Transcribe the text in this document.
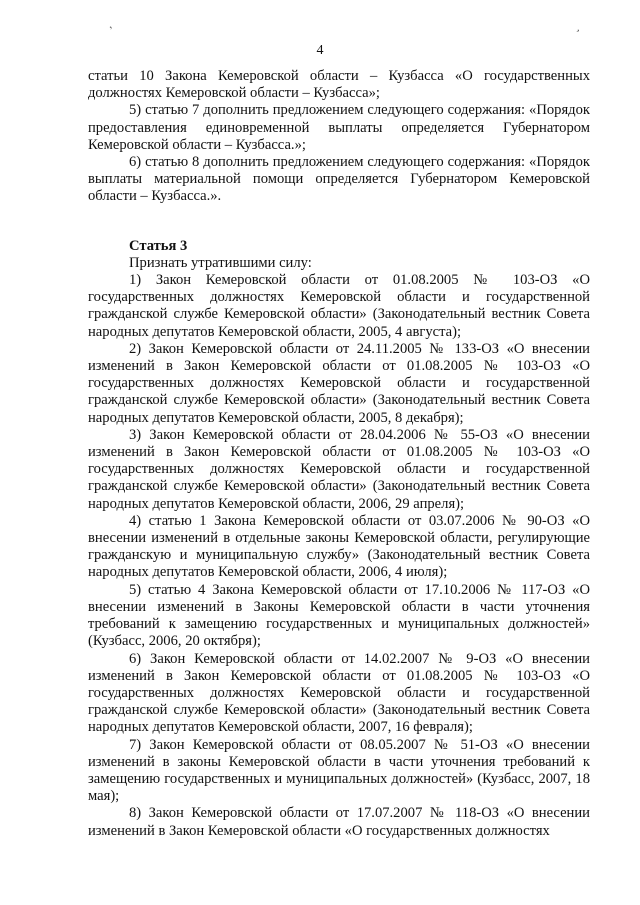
,	,
4

статьи 10 Закона Кемеровской области – Кузбасса «О государственных должностях Кемеровской области – Кузбасса»;

5) статью 7 дополнить предложением следующего содержания: «Порядок предоставления единовременной выплаты определяется Губернатором Кемеровской области – Кузбасса.»;

6) статью 8 дополнить предложением следующего содержания: «Порядок выплаты материальной помощи определяется Губернатором Кемеровской области – Кузбасса.».

Статья 3

Признать утратившими силу:

1) Закон Кемеровской области от 01.08.2005 № 103-ОЗ «О государственных должностях Кемеровской области и государственной гражданской службе Кемеровской области» (Законодательный вестник Совета народных депутатов Кемеровской области, 2005, 4 августа);

2) Закон Кемеровской области от 24.11.2005 № 133-ОЗ «О внесении изменений в Закон Кемеровской области от 01.08.2005 № 103-ОЗ «О государственных должностях Кемеровской области и государственной гражданской службе Кемеровской области» (Законодательный вестник Совета народных депутатов Кемеровской области, 2005, 8 декабря);

3) Закон Кемеровской области от 28.04.2006 № 55-ОЗ «О внесении изменений в Закон Кемеровской области от 01.08.2005 № 103-ОЗ «О государственных должностях Кемеровской области и государственной гражданской службе Кемеровской области» (Законодательный вестник Совета народных депутатов Кемеровской области, 2006, 29 апреля);

4) статью 1 Закона Кемеровской области от 03.07.2006 № 90-ОЗ «О внесении изменений в отдельные законы Кемеровской области, регулирующие гражданскую и муниципальную службу» (Законодательный вестник Совета народных депутатов Кемеровской области, 2006, 4 июля);

5) статью 4 Закона Кемеровской области от 17.10.2006 № 117-ОЗ «О внесении изменений в Законы Кемеровской области в части уточнения требований к замещению государственных и муниципальных должностей» (Кузбасс, 2006, 20 октября);

6) Закон Кемеровской области от 14.02.2007 № 9-ОЗ «О внесении изменений в Закон Кемеровской области от 01.08.2005 № 103-ОЗ «О государственных должностях Кемеровской области и государственной гражданской службе Кемеровской области» (Законодательный вестник Совета народных депутатов Кемеровской области, 2007, 16 февраля);

7) Закон Кемеровской области от 08.05.2007 № 51-ОЗ «О внесении изменений в законы Кемеровской области в части уточнения требований к замещению государственных и муниципальных должностей» (Кузбасс, 2007, 18 мая);

8) Закон Кемеровской области от 17.07.2007 № 118-ОЗ «О внесении изменений в Закон Кемеровской области «О государственных должностях
